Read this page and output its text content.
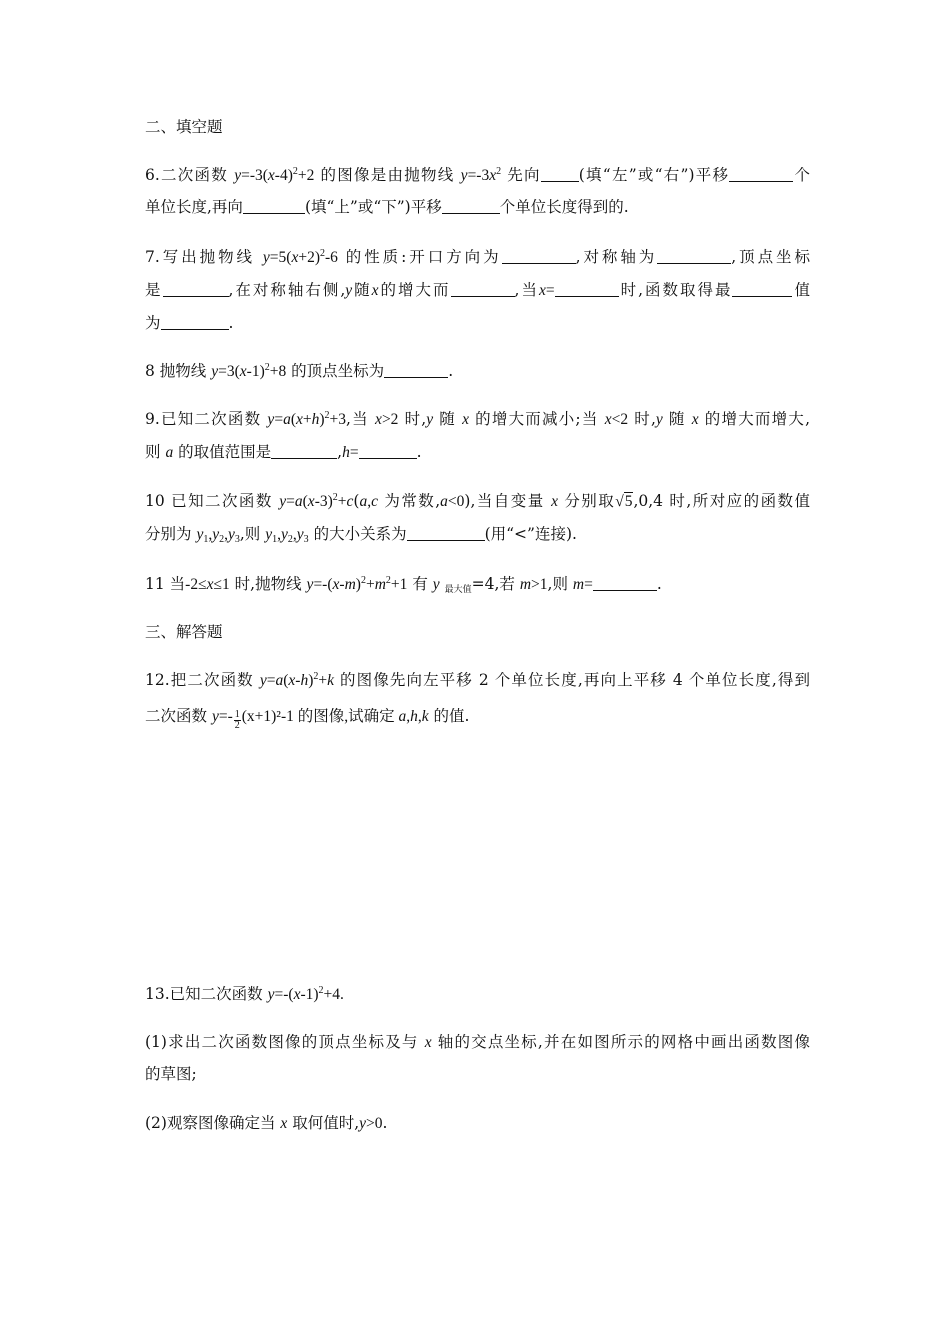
二、填空题
6.二次函数 $y=-3(x-4)^2+2$ 的图像是由抛物线 $y=-3x^2$ 先向 (填“左”或“右”)平移	个
单位长度,再向	(填“上”或“下”)平移	个单位长度得到的.
7.写出抛物线 $y=5(x+2)^2-6$ 的性质:开口方向为	,对称轴为	,顶点坐标
是	,在对称轴右侧,y随x的增大而	,当x=	时,函数取得最	值
为	.
8 抛物线 $y=3(x-1)^2+8$ 的顶点坐标为	.
9.已知二次函数 $y=a(x+h)^2+3$,当 x>2 时,y 随 x 的增大而减小;当 x<2 时,y 随 x 的增大而增大,
则 a 的取值范围是	,h=	.
10 已知二次函数 $y=a(x-3)^2+c(a,c$ 为常数,a<0),当自变量 x 分别取√5,0,4 时,所对应的函数值
分别为 $y_1,y_2,y_3$,则 $y_1,y_2,y_3$ 的大小关系为	(用“<”连接).
11 当-2≤x≤1 时,抛物线 $y=-(x-m)^2+m^2+1$ 有 y 最大值=4,若 m>1,则 m=	.
三、解答题
12.把二次函数 $y=a(x-h)^2+k$ 的图像先向左平移 2 个单位长度,再向上平移 4 个单位长度,得到
二次函数 $y=- \frac{1}{2} (x+1)^2-1$ 的图像,试确定 a,h,k 的值.
13.已知二次函数 $y=-(x-1)^2+4$.
(1)求出二次函数图像的顶点坐标及与 x 轴的交点坐标,并在如图所示的网格中画出函数图像
的草图;
(2)观察图像确定当 x 取何值时,y>0.
